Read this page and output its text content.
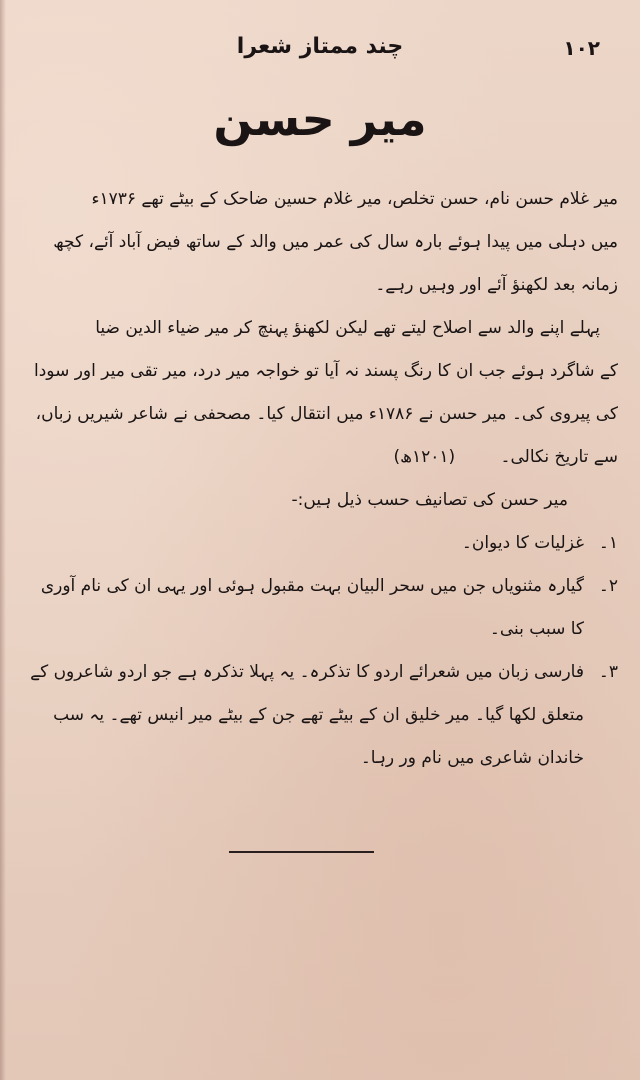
۱۰۲
چند ممتاز شعرا
میر حسن
میر غلام حسن نام، حسن تخلص، میر غلام حسین ضاحک کے بیٹے تھے ۱۷۳۶ء
میں دہلی میں پیدا ہوئے بارہ سال کی عمر میں والد کے ساتھ فیض آباد آئے، کچھ
زمانہ بعد لکھنؤ آئے اور وہیں رہے۔
پہلے اپنے والد سے اصلاح لیتے تھے لیکن لکھنؤ پہنچ کر میر ضیاء الدین ضیا
کے شاگرد ہوئے جب ان کا رنگ پسند نہ آیا تو خواجہ میر درد، میر تقی میر اور سودا
کی پیروی کی۔ میر حسن نے ۱۷۸۶ء میں انتقال کیا۔ مصحفی نے شاعر شیریں زباں،
سے تاریخ نکالی۔ (۱۲۰۱ھ)
میر حسن کی تصانیف حسب ذیل ہیں:-
۱۔
غزلیات کا دیوان۔
۲۔
گیارہ مثنویاں جن میں سحر البیان بہت مقبول ہوئی اور یہی ان کی نام آوری
کا سبب بنی۔
۳۔
فارسی زبان میں شعرائے اردو کا تذکرہ۔ یہ پہلا تذکرہ ہے جو اردو شاعروں کے
متعلق لکھا گیا۔ میر خلیق ان کے بیٹے تھے جن کے بیٹے میر انیس تھے۔ یہ سب
خاندان شاعری میں نام ور رہا۔
